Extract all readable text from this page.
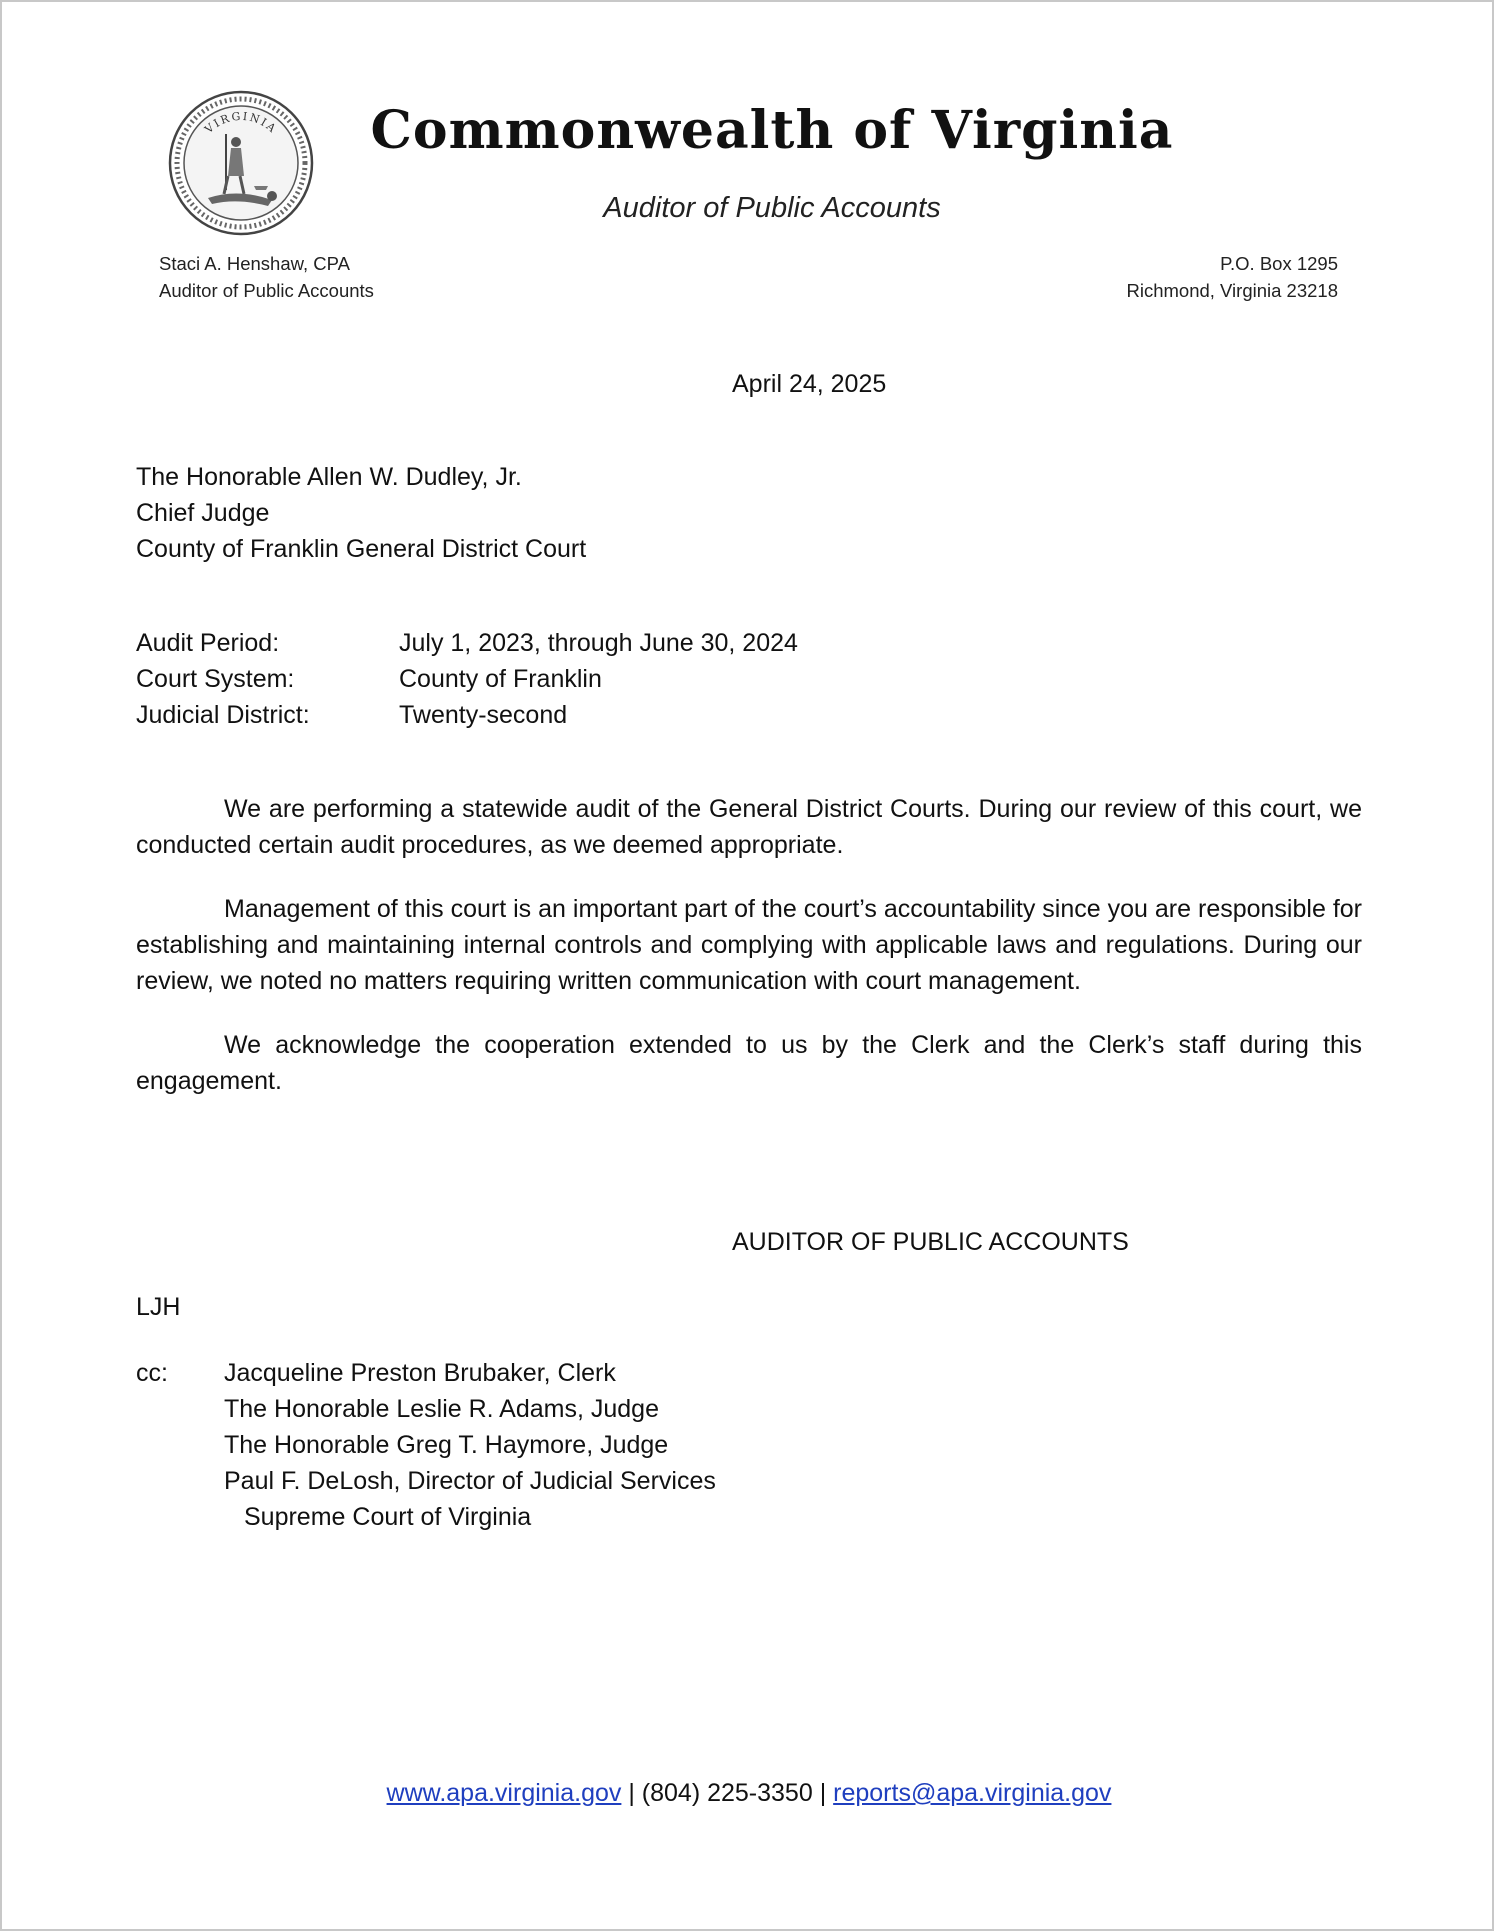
VIRGINIA	Commonwealth of Virginia
Auditor of Public Accounts
Staci A. Henshaw, CPA
Auditor of Public Accounts
P.O. Box 1295
Richmond, Virginia 23218
April 24, 2025
The Honorable Allen W. Dudley, Jr.
Chief Judge
County of Franklin General District Court
Audit Period:	July 1, 2023, through June 30, 2024
Court System:	County of Franklin
Judicial District:	Twenty-second

We are performing a statewide audit of the General District Courts. During our review of this court, we conducted certain audit procedures, as we deemed appropriate.

Management of this court is an important part of the court’s accountability since you are responsible for establishing and maintaining internal controls and complying with applicable laws and regulations. During our review, we noted no matters requiring written communication with court management.

We acknowledge the cooperation extended to us by the Clerk and the Clerk’s staff during this engagement.

AUDITOR OF PUBLIC ACCOUNTS
LJH
cc:	Jacqueline Preston Brubaker, Clerk
The Honorable Leslie R. Adams, Judge
The Honorable Greg T. Haymore, Judge
Paul F. DeLosh, Director of Judicial Services
Supreme Court of Virginia
www.apa.virginia.gov | (804) 225-3350 | reports@apa.virginia.gov
